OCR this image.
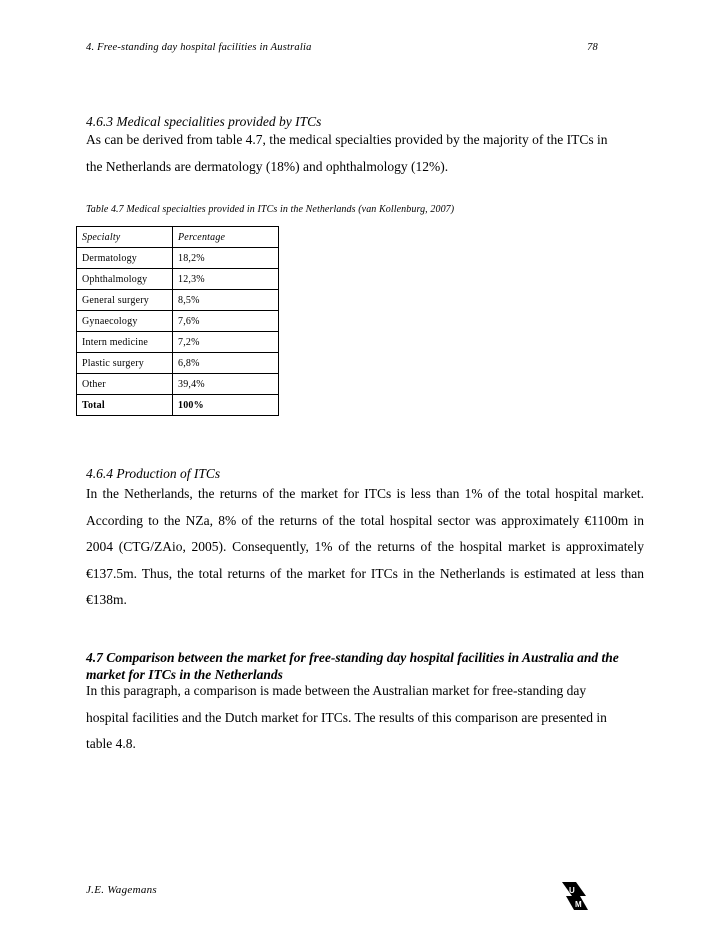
4. Free-standing day hospital facilities in Australia	78
4.6.3 Medical specialities provided by ITCs
As can be derived from table 4.7, the medical specialties provided by the majority of the ITCs in
the Netherlands are dermatology (18%) and ophthalmology (12%).
Table 4.7 Medical specialties provided in ITCs in the Netherlands (van Kollenburg, 2007)
Specialty	Percentage
Dermatology	18,2%
Ophthalmology	12,3%
General surgery	8,5%
Gynaecology	7,6%
Intern medicine	7,2%
Plastic surgery	6,8%
Other	39,4%
Total	100%
4.6.4 Production of ITCs
In the Netherlands, the returns of the market for ITCs is less than 1% of the total hospital market. According to the NZa, 8% of the returns of the total hospital sector was approximately €1100m in 2004 (CTG/ZAio, 2005). Consequently, 1% of the returns of the hospital market is approximately €137.5m. Thus, the total returns of the market for ITCs in the Netherlands is estimated at less than €138m.
4.7 Comparison between the market for free-standing day hospital facilities in Australia and the market for ITCs in the Netherlands
In this paragraph, a comparison is made between the Australian market for free-standing day
hospital facilities and the Dutch market for ITCs. The results of this comparison are presented in
table 4.8.
J.E. Wagemans	U
M
